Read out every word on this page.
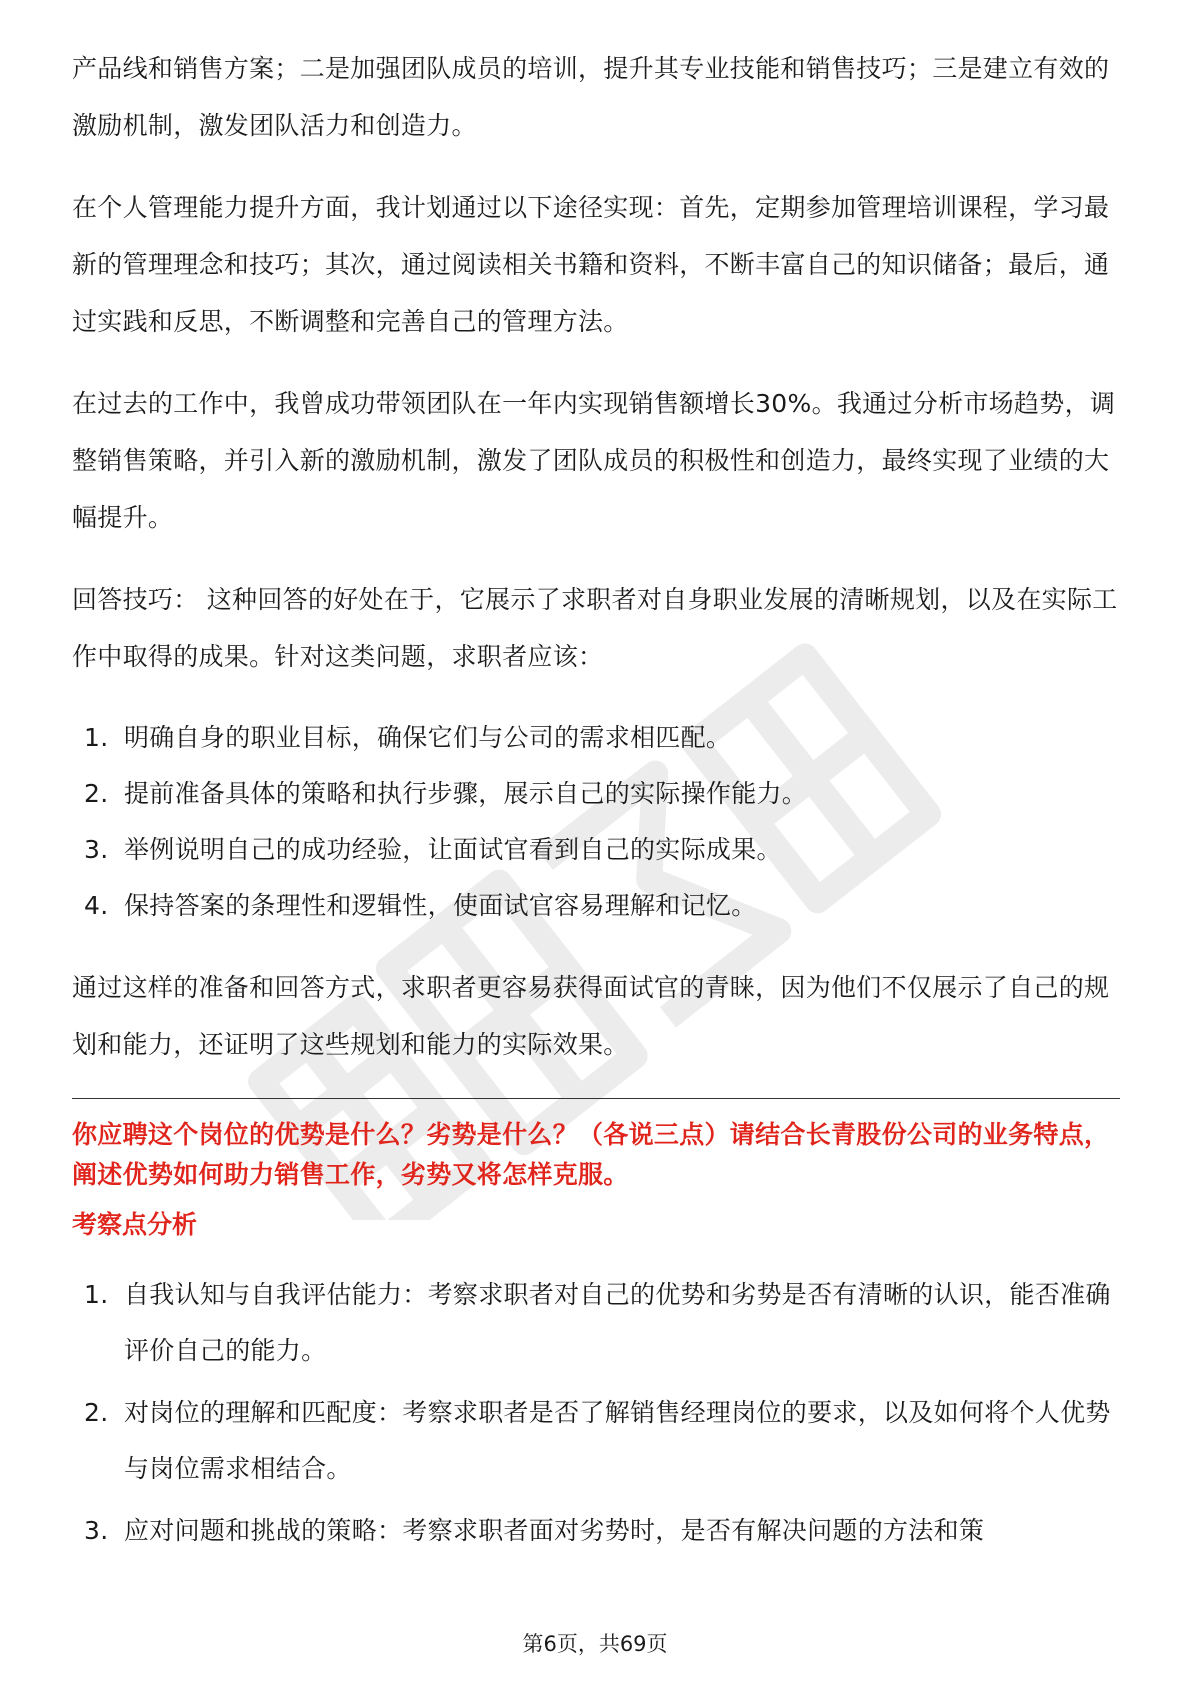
产品线和销售方案；二是加强团队成员的培训，提升其专业技能和销售技巧；三是建立有效的激励机制，激发团队活力和创造力。

在个人管理能力提升方面，我计划通过以下途径实现：首先，定期参加管理培训课程，学习最新的管理理念和技巧；其次，通过阅读相关书籍和资料，不断丰富自己的知识储备；最后，通过实践和反思，不断调整和完善自己的管理方法。

在过去的工作中，我曾成功带领团队在一年内实现销售额增长30%。我通过分析市场趋势，调整销售策略，并引入新的激励机制，激发了团队成员的积极性和创造力，最终实现了业绩的大幅提升。

回答技巧： 这种回答的好处在于，它展示了求职者对自身职业发展的清晰规划，以及在实际工作中取得的成果。针对这类问题，求职者应该：

1. 明确自身的职业目标，确保它们与公司的需求相匹配。
2. 提前准备具体的策略和执行步骤，展示自己的实际操作能力。
3. 举例说明自己的成功经验，让面试官看到自己的实际成果。
4. 保持答案的条理性和逻辑性，使面试官容易理解和记忆。

通过这样的准备和回答方式，求职者更容易获得面试官的青睐，因为他们不仅展示了自己的规划和能力，还证明了这些规划和能力的实际效果。

你应聘这个岗位的优势是什么？劣势是什么？（各说三点）请结合长青股份公司的业务特点，阐述优势如何助力销售工作，劣势又将怎样克服。

考察点分析

1. 自我认知与自我评估能力：考察求职者对自己的优势和劣势是否有清晰的认识，能否准确评价自己的能力。
2. 对岗位的理解和匹配度：考察求职者是否了解销售经理岗位的要求，以及如何将个人优势与岗位需求相结合。
3. 应对问题和挑战的策略：考察求职者面对劣势时，是否有解决问题的方法和策
第6页，共69页
